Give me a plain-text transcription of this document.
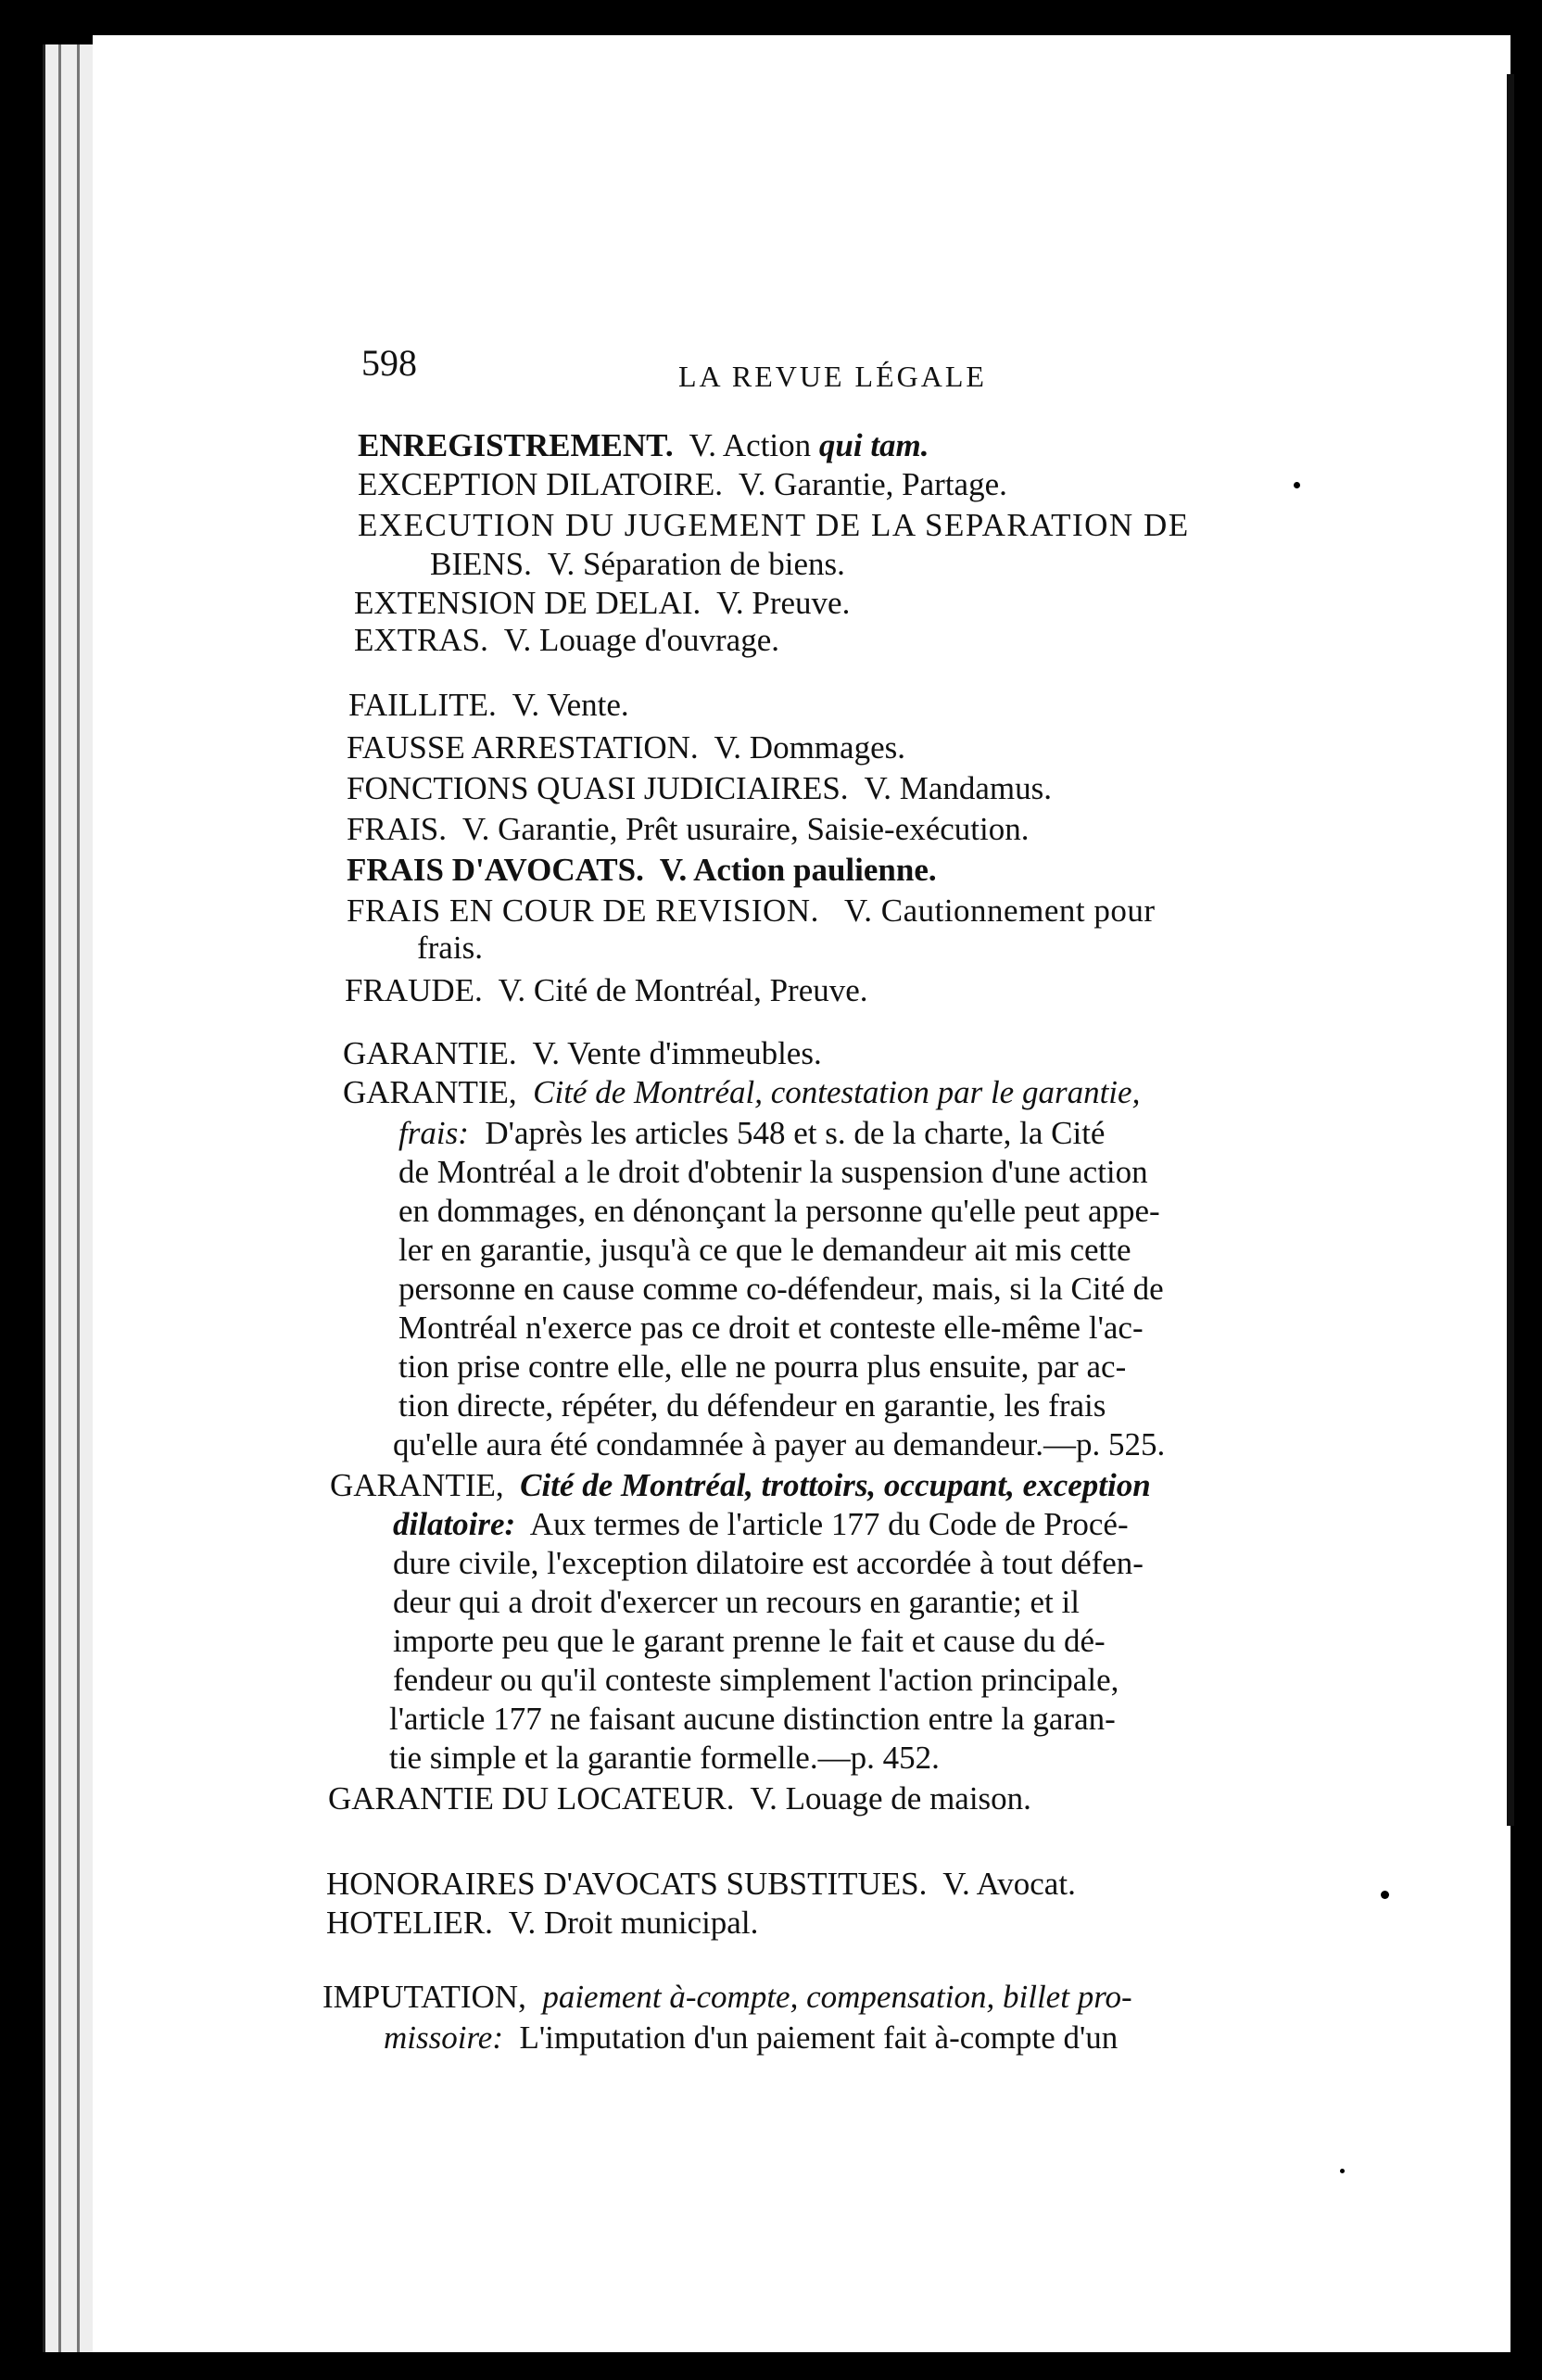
598	LA REVUE LÉGALE
ENREGISTREMENT. V. Action qui tam.
EXCEPTION DILATOIRE. V. Garantie, Partage.
EXECUTION DU JUGEMENT DE LA SEPARATION DE
BIENS. V. Séparation de biens.
EXTENSION DE DELAI. V. Preuve.
EXTRAS. V. Louage d'ouvrage.
FAILLITE. V. Vente.
FAUSSE ARRESTATION. V. Dommages.
FONCTIONS QUASI JUDICIAIRES. V. Mandamus.
FRAIS. V. Garantie, Prêt usuraire, Saisie-exécution.
FRAIS D'AVOCATS. V. Action paulienne.
FRAIS EN COUR DE REVISION. V. Cautionnement pour
frais.
FRAUDE. V. Cité de Montréal, Preuve.
GARANTIE. V. Vente d'immeubles.
GARANTIE, Cité de Montréal, contestation par le garantie,
frais: D'après les articles 548 et s. de la charte, la Cité
de Montréal a le droit d'obtenir la suspension d'une action
en dommages, en dénonçant la personne qu'elle peut appe-
ler en garantie, jusqu'à ce que le demandeur ait mis cette
personne en cause comme co-défendeur, mais, si la Cité de
Montréal n'exerce pas ce droit et conteste elle-même l'ac-
tion prise contre elle, elle ne pourra plus ensuite, par ac-
tion directe, répéter, du défendeur en garantie, les frais
qu'elle aura été condamnée à payer au demandeur.—p. 525.
GARANTIE, Cité de Montréal, trottoirs, occupant, exception
dilatoire: Aux termes de l'article 177 du Code de Procé-
dure civile, l'exception dilatoire est accordée à tout défen-
deur qui a droit d'exercer un recours en garantie; et il
importe peu que le garant prenne le fait et cause du dé-
fendeur ou qu'il conteste simplement l'action principale,
l'article 177 ne faisant aucune distinction entre la garan-
tie simple et la garantie formelle.—p. 452.
GARANTIE DU LOCATEUR. V. Louage de maison.
HONORAIRES D'AVOCATS SUBSTITUES. V. Avocat.
HOTELIER. V. Droit municipal.
IMPUTATION, paiement à-compte, compensation, billet pro-
missoire: L'imputation d'un paiement fait à-compte d'un
